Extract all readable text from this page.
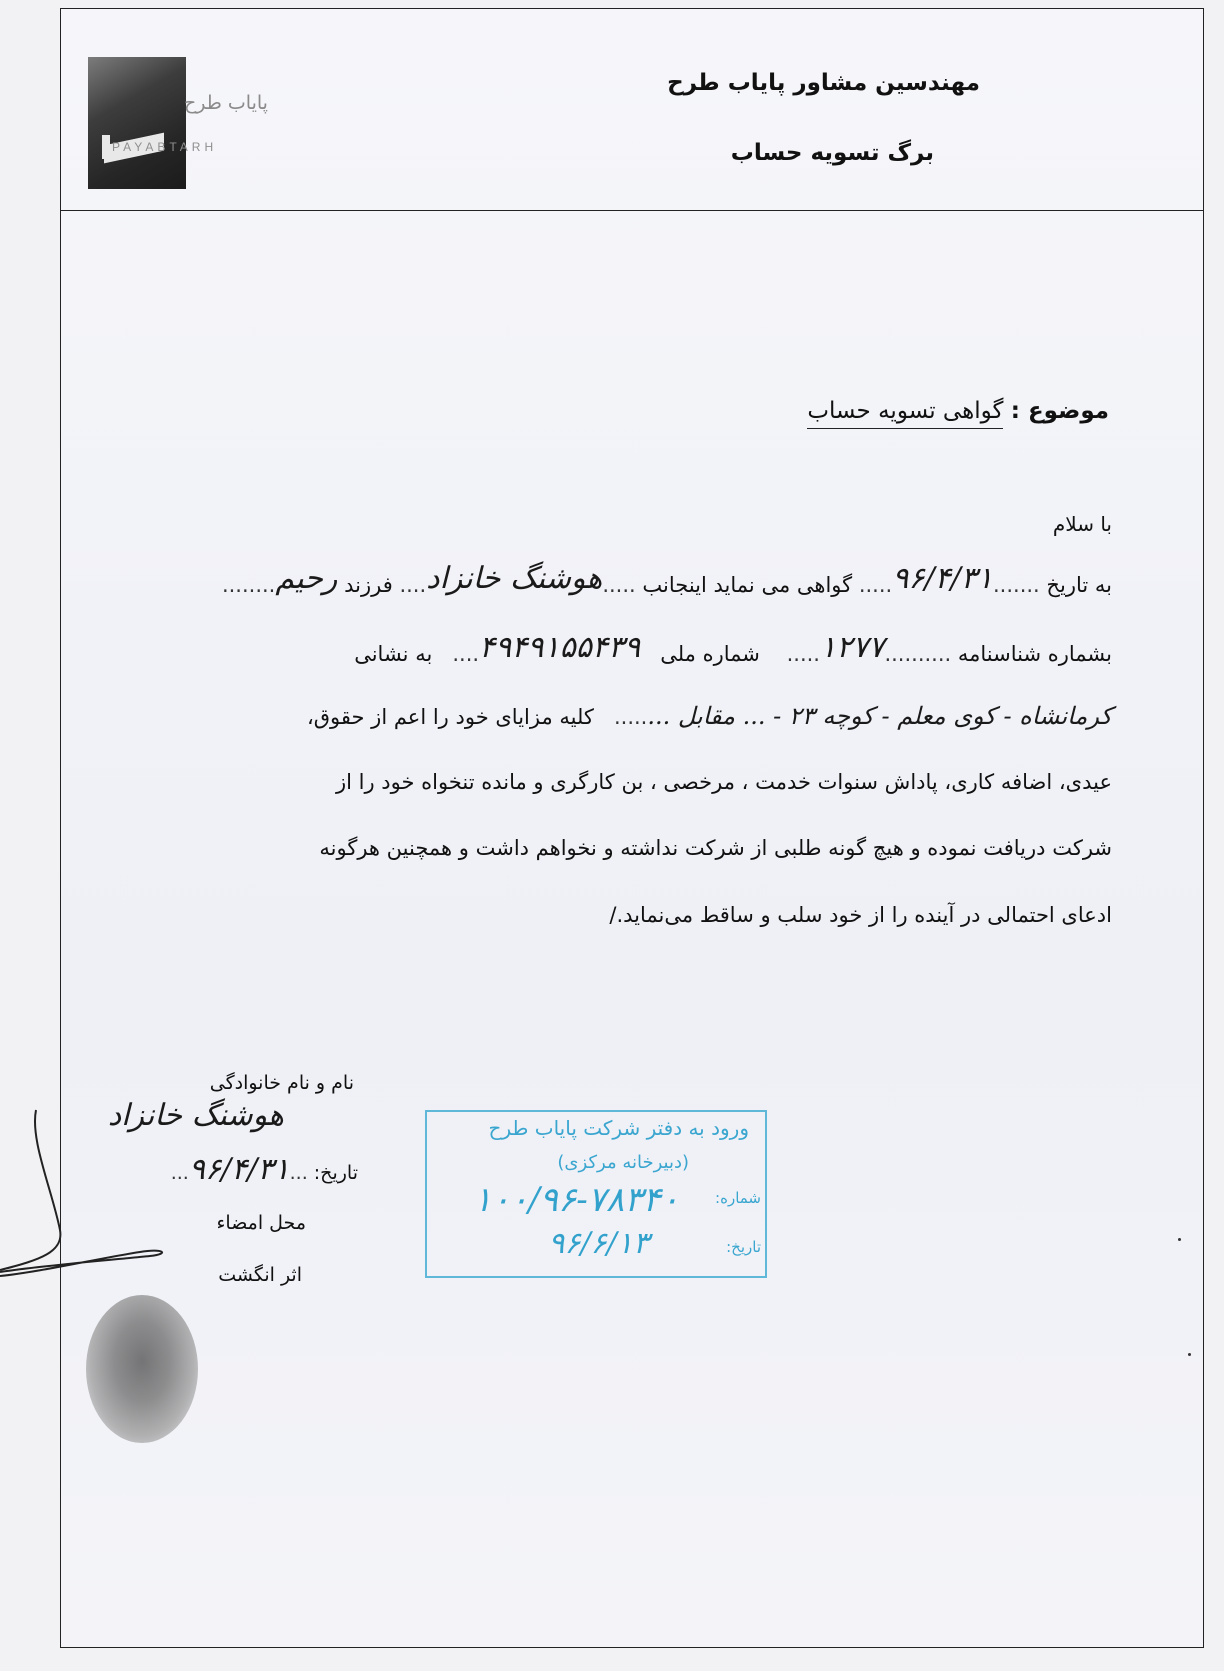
پایاب طرح
PAYABTARH
مهندسین مشاور پایاب طرح
برگ تسویه حساب
موضوع : گواهی تسویه حساب
با سلام
به تاریخ .......۹۶/۴/۳۱..... گواهی می نماید اینجانب .....هوشنگ خانزاد.... فرزند رحیم........
بشماره شناسنامه ..........۱۲۷۷.....    شماره ملی   ۴۹۴۹۱۵۵۴۳۹....   به نشانی
کرمانشاه - کوی معلم - کوچه ۲۳ - ... مقابل ........   کلیه مزایای خود را اعم از حقوق،
عیدی، اضافه کاری، پاداش سنوات خدمت ، مرخصی ، بن کارگری و مانده تنخواه خود را از
شرکت دریافت نموده و هیچ گونه طلبی از شرکت نداشته و نخواهم داشت و همچنین هرگونه
ادعای احتمالی در آینده را از خود سلب و ساقط می‌نماید./
نام و نام خانوادگی
هوشنگ خانزاد
تاریخ: ...۹۶/۴/۳۱...
محل امضاء
اثر انگشت
ورود به دفتر شرکت پایاب طرح
(دبیرخانه مرکزی)
شماره:
۱۰۰/۹۶-۷۸۳۴۰
تاریخ:
۹۶/۶/۱۳
